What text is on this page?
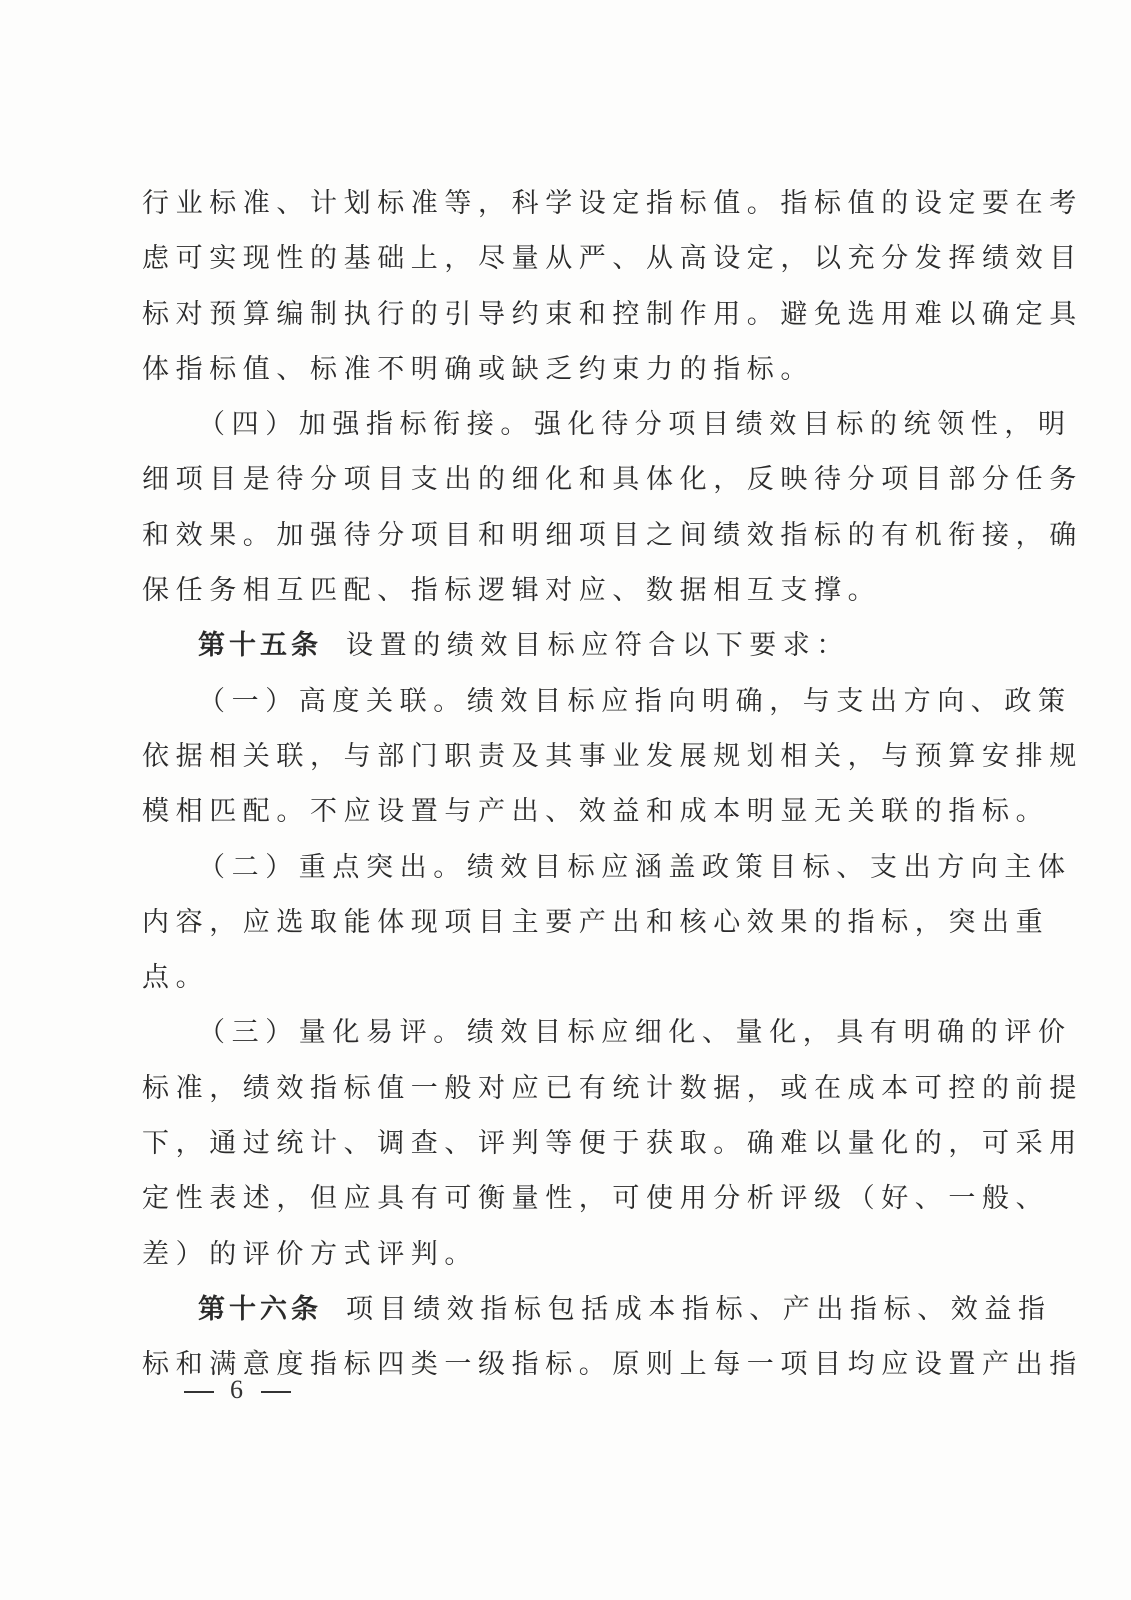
行业标准、计划标准等，科学设定指标值。指标值的设定要在考
虑可实现性的基础上，尽量从严、从高设定，以充分发挥绩效目
标对预算编制执行的引导约束和控制作用。避免选用难以确定具
体指标值、标准不明确或缺乏约束力的指标。
（四）加强指标衔接。强化待分项目绩效目标的统领性，明
细项目是待分项目支出的细化和具体化，反映待分项目部分任务
和效果。加强待分项目和明细项目之间绩效指标的有机衔接，确
保任务相互匹配、指标逻辑对应、数据相互支撑。
第十五条 设置的绩效目标应符合以下要求：
（一）高度关联。绩效目标应指向明确，与支出方向、政策
依据相关联，与部门职责及其事业发展规划相关，与预算安排规
模相匹配。不应设置与产出、效益和成本明显无关联的指标。
（二）重点突出。绩效目标应涵盖政策目标、支出方向主体
内容，应选取能体现项目主要产出和核心效果的指标，突出重
点。
（三）量化易评。绩效目标应细化、量化，具有明确的评价
标准，绩效指标值一般对应已有统计数据，或在成本可控的前提
下，通过统计、调查、评判等便于获取。确难以量化的，可采用
定性表述，但应具有可衡量性，可使用分析评级（好、一般、
差）的评价方式评判。
第十六条 项目绩效指标包括成本指标、产出指标、效益指
标和满意度指标四类一级指标。原则上每一项目均应设置产出指
6
